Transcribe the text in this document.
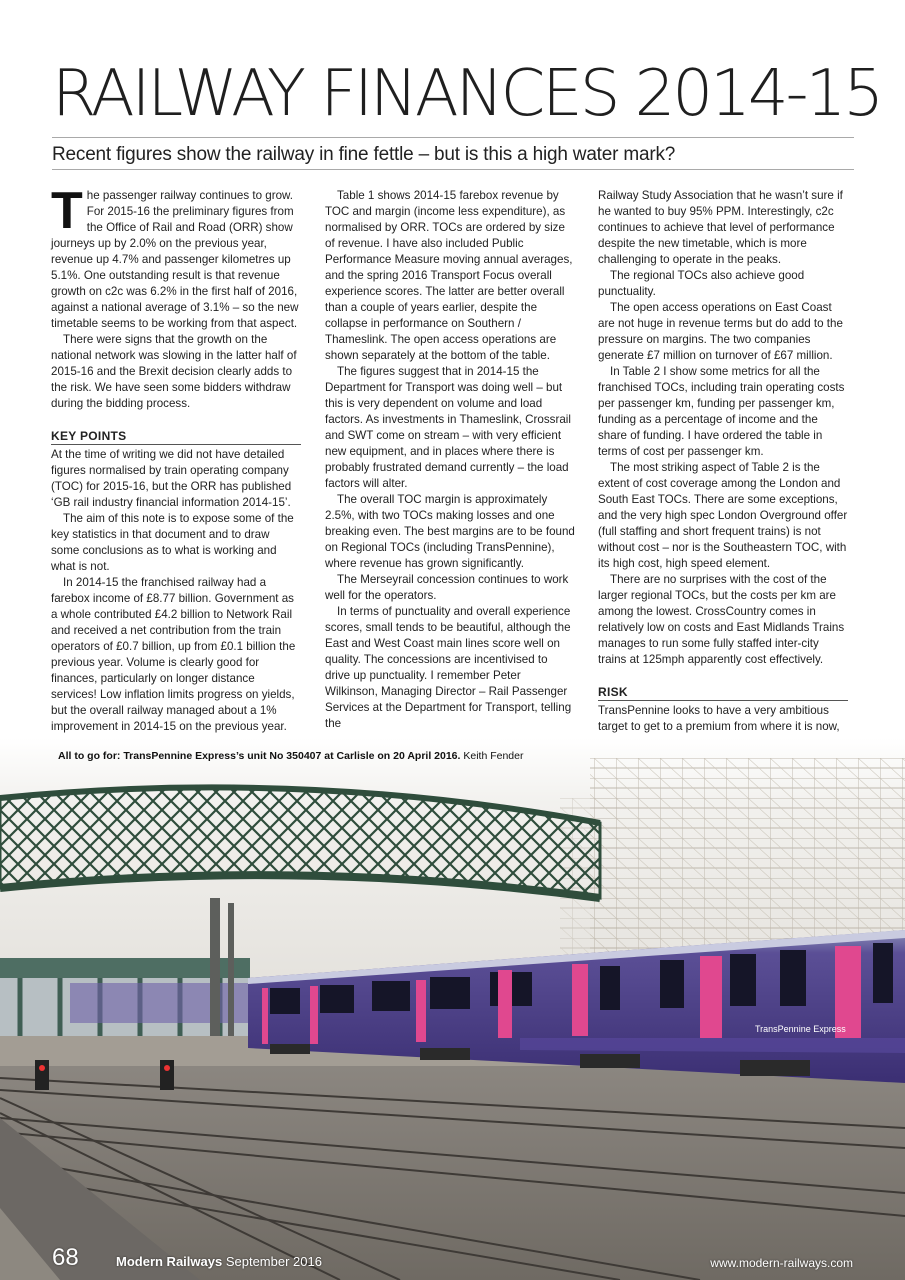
RAILWAY FINANCES 2014-15
Recent figures show the railway in fine fettle – but is this a high water mark?

The passenger railway continues to grow. For 2015-16 the preliminary figures from the Office of Rail and Road (ORR) show journeys up by 2.0% on the previous year, revenue up 4.7% and passenger kilometres up 5.1%. One outstanding result is that revenue growth on c2c was 6.2% in the first half of 2016, against a national average of 3.1% – so the new timetable seems to be working from that aspect.

There were signs that the growth on the national network was slowing in the latter half of 2015-16 and the Brexit decision clearly adds to the risk. We have seen some bidders withdraw during the bidding process.

KEY POINTS

At the time of writing we did not have detailed figures normalised by train operating company (TOC) for 2015-16, but the ORR has published ‘GB rail industry financial information 2014-15’.

The aim of this note is to expose some of the key statistics in that document and to draw some conclusions as to what is working and what is not.

In 2014-15 the franchised railway had a farebox income of £8.77 billion. Government as a whole contributed £4.2 billion to Network Rail and received a net contribution from the train operators of £0.7 billion, up from £0.1 billion the previous year. Volume is clearly good for finances, particularly on longer distance services! Low inflation limits progress on yields, but the overall railway managed about a 1% improvement in 2014-15 on the previous year.

Table 1 shows 2014-15 farebox revenue by TOC and margin (income less expenditure), as normalised by ORR. TOCs are ordered by size of revenue. I have also included Public Performance Measure moving annual averages, and the spring 2016 Transport Focus overall experience scores. The latter are better overall than a couple of years earlier, despite the collapse in performance on Southern / Thameslink. The open access operations are shown separately at the bottom of the table.

The figures suggest that in 2014-15 the Department for Transport was doing well – but this is very dependent on volume and load factors. As investments in Thameslink, Crossrail and SWT come on stream – with very efficient new equipment, and in places where there is probably frustrated demand currently – the load factors will alter.

The overall TOC margin is approximately 2.5%, with two TOCs making losses and one breaking even. The best margins are to be found on Regional TOCs (including TransPennine), where revenue has grown significantly.

The Merseyrail concession continues to work well for the operators.

In terms of punctuality and overall experience scores, small tends to be beautiful, although the East and West Coast main lines score well on quality. The concessions are incentivised to drive up punctuality. I remember Peter Wilkinson, Managing Director – Rail Passenger Services at the Department for Transport, telling the

Railway Study Association that he wasn’t sure if he wanted to buy 95% PPM. Interestingly, c2c continues to achieve that level of performance despite the new timetable, which is more challenging to operate in the peaks.

The regional TOCs also achieve good punctuality.

The open access operations on East Coast are not huge in revenue terms but do add to the pressure on margins. The two companies generate £7 million on turnover of £67 million.

In Table 2 I show some metrics for all the franchised TOCs, including train operating costs per passenger km, funding per passenger km, funding as a percentage of income and the share of funding. I have ordered the table in terms of cost per passenger km.

The most striking aspect of Table 2 is the extent of cost coverage among the London and South East TOCs. There are some exceptions, and the very high spec London Overground offer (full staffing and short frequent trains) is not without cost – nor is the Southeastern TOC, with its high cost, high speed element.

There are no surprises with the cost of the larger regional TOCs, but the costs per km are among the lowest. CrossCountry comes in relatively low on costs and East Midlands Trains manages to run some fully staffed inter-city trains at 125mph apparently cost effectively.

RISK

TransPennine looks to have a very ambitious target to get to a premium from where it is now,

TransPennine Express
All to go for: TransPennine Express’s unit No 350407 at Carlisle on 20 April 2016. Keith Fender
68	Modern Railways September 2016	www.modern-railways.com
